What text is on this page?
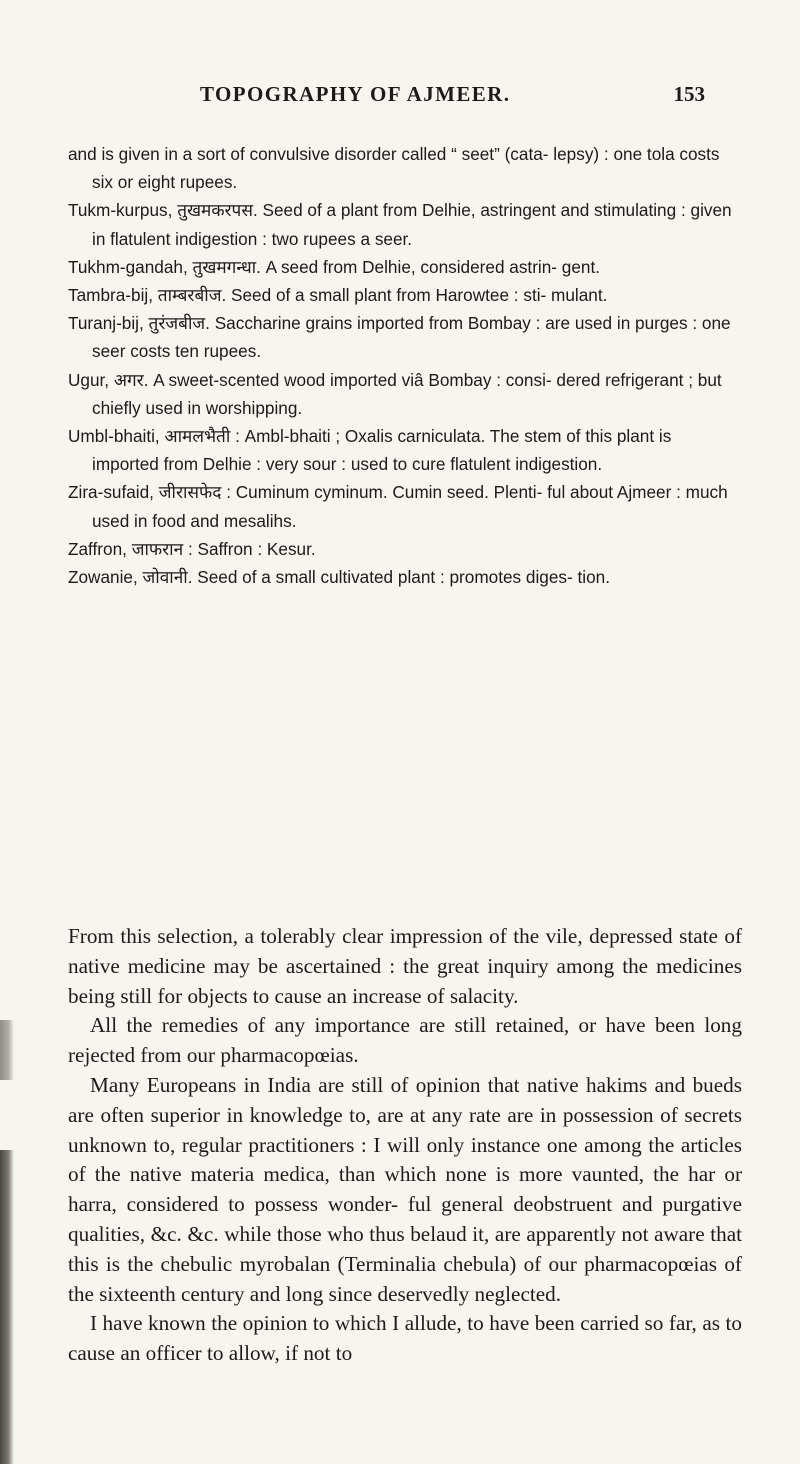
TOPOGRAPHY OF AJMEER.	153

and is given in a sort of convulsive disorder called “ seet” (cata- lepsy) : one tola costs six or eight rupees.

Tukm-kurpus, तुखमकरपस. Seed of a plant from Delhie, astringent and stimulating : given in flatulent indigestion : two rupees a seer.

Tukhm-gandah, तुखमगन्धा. A seed from Delhie, considered astrin- gent.

Tambra-bij, ताम्बरबीज. Seed of a small plant from Harowtee : sti- mulant.

Turanj-bij, तुरंजबीज. Saccharine grains imported from Bombay : are used in purges : one seer costs ten rupees.

Ugur, अगर. A sweet-scented wood imported viâ Bombay : consi- dered refrigerant ; but chiefly used in worshipping.

Umbl-bhaiti, आमलभैती : Ambl-bhaiti ; Oxalis carniculata. The stem of this plant is imported from Delhie : very sour : used to cure flatulent indigestion.

Zira-sufaid, जीरासफेद : Cuminum cyminum. Cumin seed. Plenti- ful about Ajmeer : much used in food and mesalihs.

Zaffron, जाफरान : Saffron : Kesur.

Zowanie, जोवानी. Seed of a small cultivated plant : promotes diges- tion.

From this selection, a tolerably clear impression of the vile, depressed state of native medicine may be ascertained : the great inquiry among the medicines being still for objects to cause an increase of salacity.

All the remedies of any importance are still retained, or have been long rejected from our pharmacopœias.

Many Europeans in India are still of opinion that native hakims and bueds are often superior in knowledge to, are at any rate are in possession of secrets unknown to, regular practitioners : I will only instance one among the articles of the native materia medica, than which none is more vaunted, the har or harra, considered to possess wonder- ful general deobstruent and purgative qualities, &c. &c. while those who thus belaud it, are apparently not aware that this is the chebulic myrobalan (Terminalia chebula) of our pharmacopœias of the sixteenth century and long since deservedly neglected.

I have known the opinion to which I allude, to have been carried so far, as to cause an officer to allow, if not to
